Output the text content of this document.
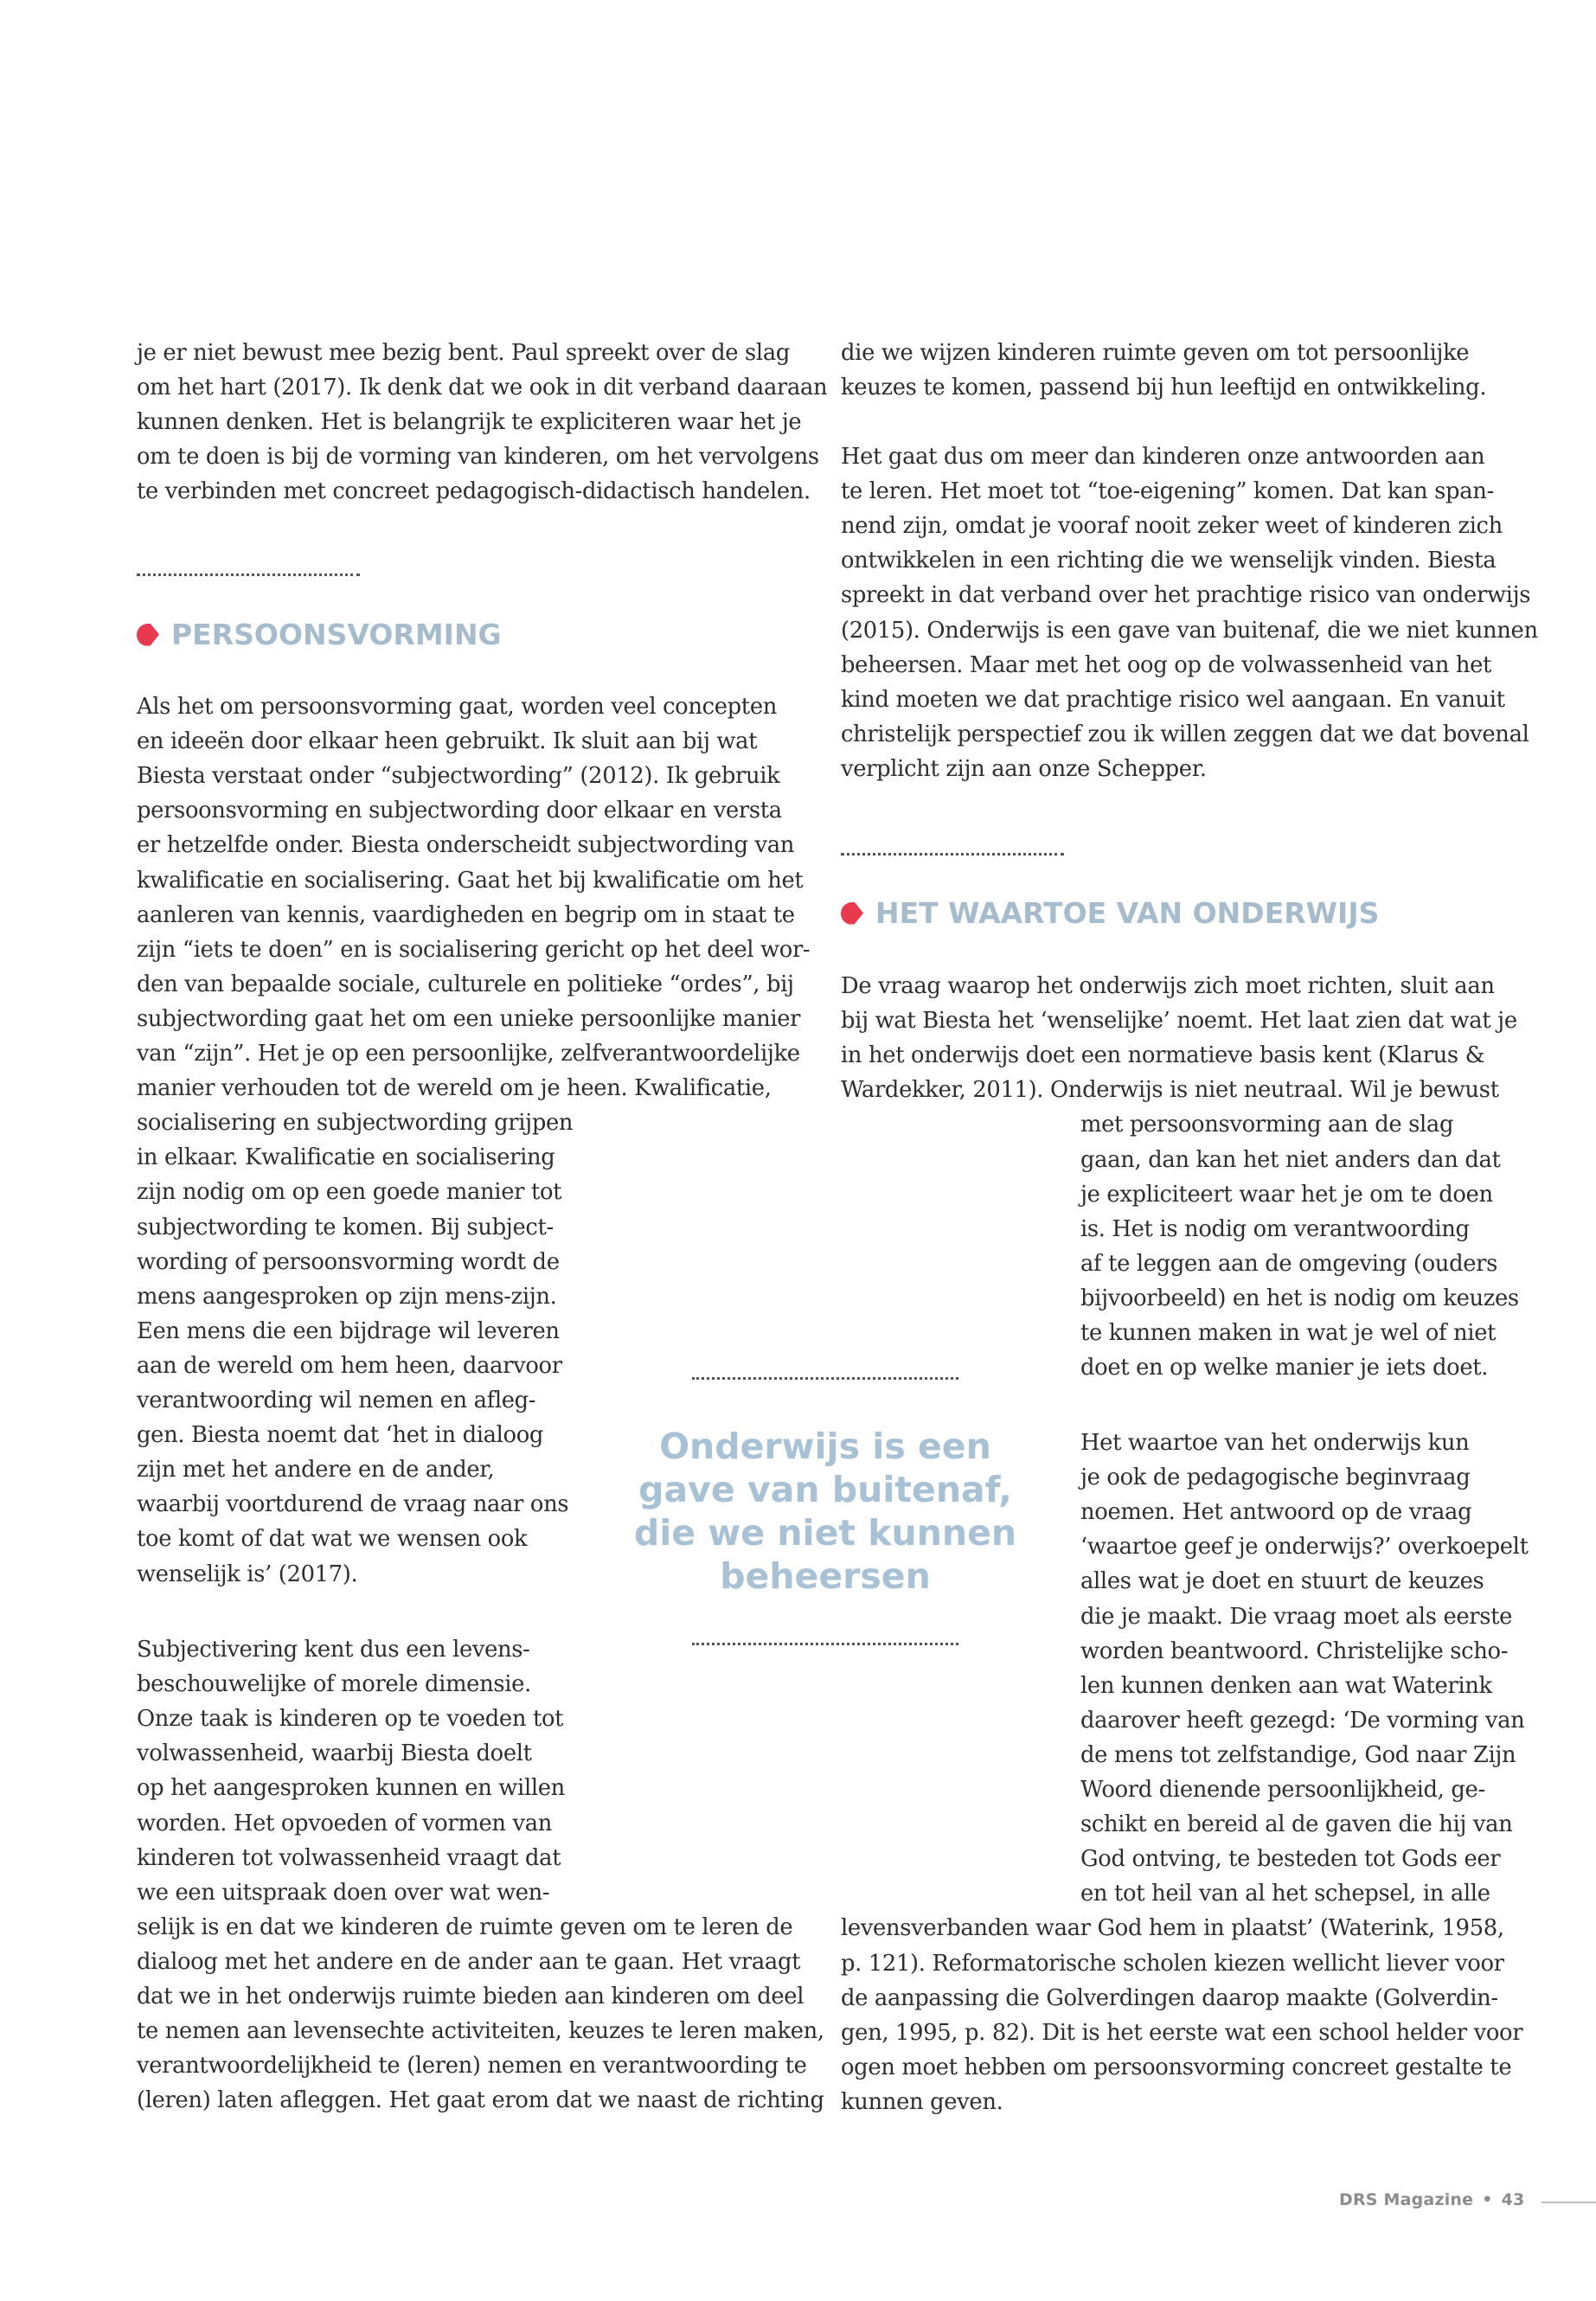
je er niet bewust mee bezig bent. Paul spreekt over de slag
om het hart (2017). Ik denk dat we ook in dit verband daaraan
kunnen denken. Het is belangrijk te expliciteren waar het je
om te doen is bij de vorming van kinderen, om het vervolgens
te verbinden met concreet pedagogisch-didactisch handelen.
PERSOONSVORMING
Als het om persoonsvorming gaat, worden veel concepten
en ideeën door elkaar heen gebruikt. Ik sluit aan bij wat
Biesta verstaat onder “subjectwording” (2012). Ik gebruik
persoonsvorming en subjectwording door elkaar en versta
er hetzelfde onder. Biesta onderscheidt subjectwording van
kwalificatie en socialisering. Gaat het bij kwalificatie om het
aanleren van kennis, vaardigheden en begrip om in staat te
zijn “iets te doen” en is socialisering gericht op het deel wor-
den van bepaalde sociale, culturele en politieke “ordes”, bij
subjectwording gaat het om een unieke persoonlijke manier
van “zijn”. Het je op een persoonlijke, zelfverantwoordelijke
manier verhouden tot de wereld om je heen. Kwalificatie,
socialisering en subjectwording grijpen
in elkaar. Kwalificatie en socialisering
zijn nodig om op een goede manier tot
subjectwording te komen. Bij subject-
wording of persoonsvorming wordt de
mens aangesproken op zijn mens-zijn.
Een mens die een bijdrage wil leveren
aan de wereld om hem heen, daarvoor
verantwoording wil nemen en afleg-
gen. Biesta noemt dat ‘het in dialoog
zijn met het andere en de ander,
waarbij voortdurend de vraag naar ons
toe komt of dat wat we wensen ook
wenselijk is’ (2017).
Subjectivering kent dus een levens-
beschouwelijke of morele dimensie.
Onze taak is kinderen op te voeden tot
volwassenheid, waarbij Biesta doelt
op het aangesproken kunnen en willen
worden. Het opvoeden of vormen van
kinderen tot volwassenheid vraagt dat
we een uitspraak doen over wat wen-
selijk is en dat we kinderen de ruimte geven om te leren de
dialoog met het andere en de ander aan te gaan. Het vraagt
dat we in het onderwijs ruimte bieden aan kinderen om deel
te nemen aan levensechte activiteiten, keuzes te leren maken,
verantwoordelijkheid te (leren) nemen en verantwoording te
(leren) laten afleggen. Het gaat erom dat we naast de richting
Onderwijs is een
gave van buitenaf,
die we niet kunnen
beheersen
die we wijzen kinderen ruimte geven om tot persoonlijke
keuzes te komen, passend bij hun leeftijd en ontwikkeling.
Het gaat dus om meer dan kinderen onze antwoorden aan
te leren. Het moet tot “toe-eigening” komen. Dat kan span-
nend zijn, omdat je vooraf nooit zeker weet of kinderen zich
ontwikkelen in een richting die we wenselijk vinden. Biesta
spreekt in dat verband over het prachtige risico van onderwijs
(2015). Onderwijs is een gave van buitenaf, die we niet kunnen
beheersen. Maar met het oog op de volwassenheid van het
kind moeten we dat prachtige risico wel aangaan. En vanuit
christelijk perspectief zou ik willen zeggen dat we dat bovenal
verplicht zijn aan onze Schepper.
HET WAARTOE VAN ONDERWIJS
De vraag waarop het onderwijs zich moet richten, sluit aan
bij wat Biesta het ‘wenselijke’ noemt. Het laat zien dat wat je
in het onderwijs doet een normatieve basis kent (Klarus &
Wardekker, 2011). Onderwijs is niet neutraal. Wil je bewust
met persoonsvorming aan de slag
gaan, dan kan het niet anders dan dat
je expliciteert waar het je om te doen
is. Het is nodig om verantwoording
af te leggen aan de omgeving (ouders
bijvoorbeeld) en het is nodig om keuzes
te kunnen maken in wat je wel of niet
doet en op welke manier je iets doet.
Het waartoe van het onderwijs kun
je ook de pedagogische beginvraag
noemen. Het antwoord op de vraag
‘waartoe geef je onderwijs?’ overkoepelt
alles wat je doet en stuurt de keuzes
die je maakt. Die vraag moet als eerste
worden beantwoord. Christelijke scho-
len kunnen denken aan wat Waterink
daarover heeft gezegd: ‘De vorming van
de mens tot zelfstandige, God naar Zijn
Woord dienende persoonlijkheid, ge-
schikt en bereid al de gaven die hij van
God ontving, te besteden tot Gods eer
en tot heil van al het schepsel, in alle
levensverbanden waar God hem in plaatst’ (Waterink, 1958,
p. 121). Reformatorische scholen kiezen wellicht liever voor
de aanpassing die Golverdingen daarop maakte (Golverdin-
gen, 1995, p. 82). Dit is het eerste wat een school helder voor
ogen moet hebben om persoonsvorming concreet gestalte te
kunnen geven.
DRS Magazine • 43
